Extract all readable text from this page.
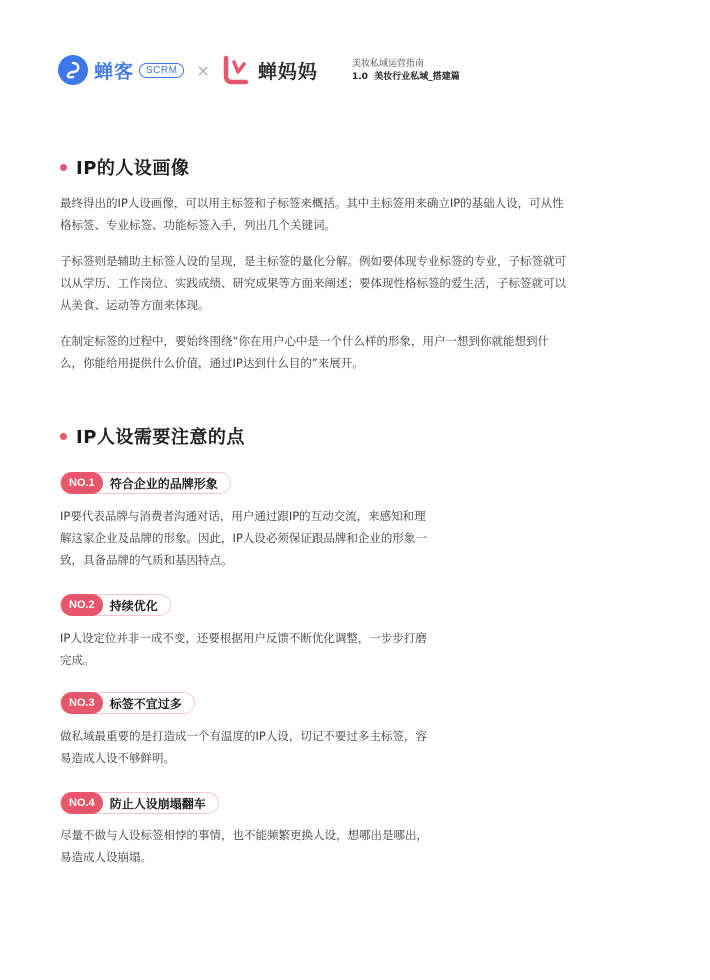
蝉客	SCRM	×	蝉妈妈	美妆私域运营指南
1.0 美妆行业私域_搭建篇
IP的人设画像

最终得出的IP人设画像，可以用主标签和子标签来概括。其中主标签用来确立IP的基础人设，可从性格标签、专业标签、功能标签入手，列出几个关键词。

子标签则是辅助主标签人设的呈现，是主标签的量化分解。例如要体现专业标签的专业，子标签就可以从学历、工作岗位、实践成绩、研究成果等方面来阐述；要体现性格标签的爱生活，子标签就可以从美食、运动等方面来体现。

在制定标签的过程中，要始终围绕“你在用户心中是一个什么样的形象，用户一想到你就能想到什么，你能给用提供什么价值，通过IP达到什么目的”来展开。

IP人设需要注意的点
NO.1	符合企业的品牌形象

IP要代表品牌与消费者沟通对话，用户通过跟IP的互动交流，来感知和理解这家企业及品牌的形象。因此，IP人设必须保证跟品牌和企业的形象一致，具备品牌的气质和基因特点。

NO.2	持续优化

IP人设定位并非一成不变，还要根据用户反馈不断优化调整，一步步打磨完成。

NO.3	标签不宜过多

做私域最重要的是打造成一个有温度的IP人设，切记不要过多主标签，容易造成人设不够鲜明。

NO.4	防止人设崩塌翻车

尽量不做与人设标签相悖的事情，也不能频繁更换人设，想哪出是哪出，易造成人设崩塌。
